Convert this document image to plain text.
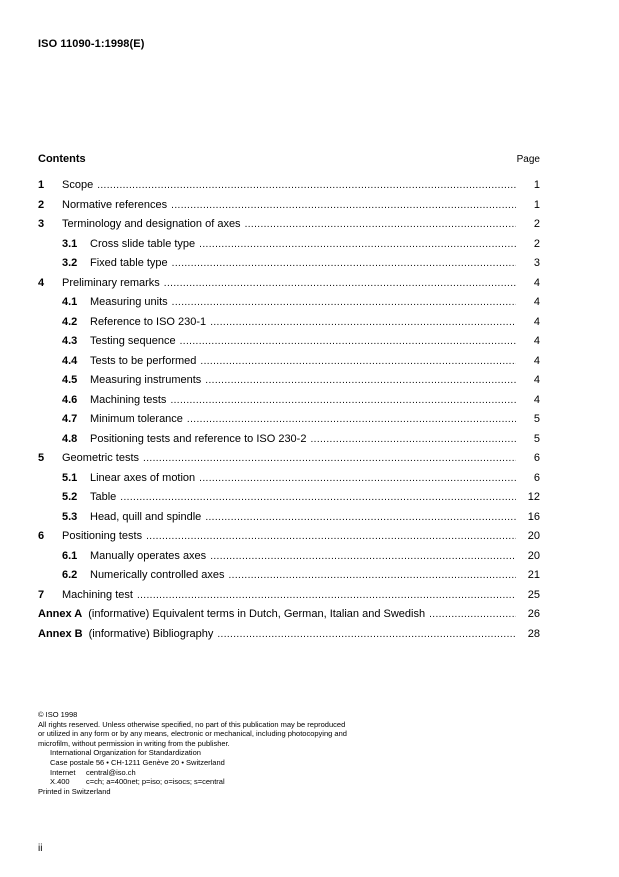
ISO 11090-1:1998(E)
Contents	Page
1	Scope .....	1
2	Normative references .....	1
3	Terminology and designation of axes .....	2
3.1	Cross slide table type .....	2
3.2	Fixed table type .....	3
4	Preliminary remarks .....	4
4.1	Measuring units .....	4
4.2	Reference to ISO 230-1 .....	4
4.3	Testing sequence .....	4
4.4	Tests to be performed .....	4
4.5	Measuring instruments .....	4
4.6	Machining tests .....	4
4.7	Minimum tolerance .....	5
4.8	Positioning tests and reference to ISO 230-2 .....	5
5	Geometric tests .....	6
5.1	Linear axes of motion .....	6
5.2	Table .....	12
5.3	Head, quill and spindle .....	16
6	Positioning tests .....	20
6.1	Manually operates axes .....	20
6.2	Numerically controlled axes .....	21
7	Machining test .....	25
Annex A (informative) Equivalent terms in Dutch, German, Italian and Swedish .....	26
Annex B (informative) Bibliography .....	28

© ISO 1998

All rights reserved. Unless otherwise specified, no part of this publication may be reproduced

or utilized in any form or by any means, electronic or mechanical, including photocopying and

microfilm, without permission in writing from the publisher.

International Organization for Standardization

Case postale 56 • CH-1211 Genève 20 • Switzerland

Internet	central@iso.ch
X.400	c=ch; a=400net; p=iso; o=isocs; s=central

Printed in Switzerland

ii
